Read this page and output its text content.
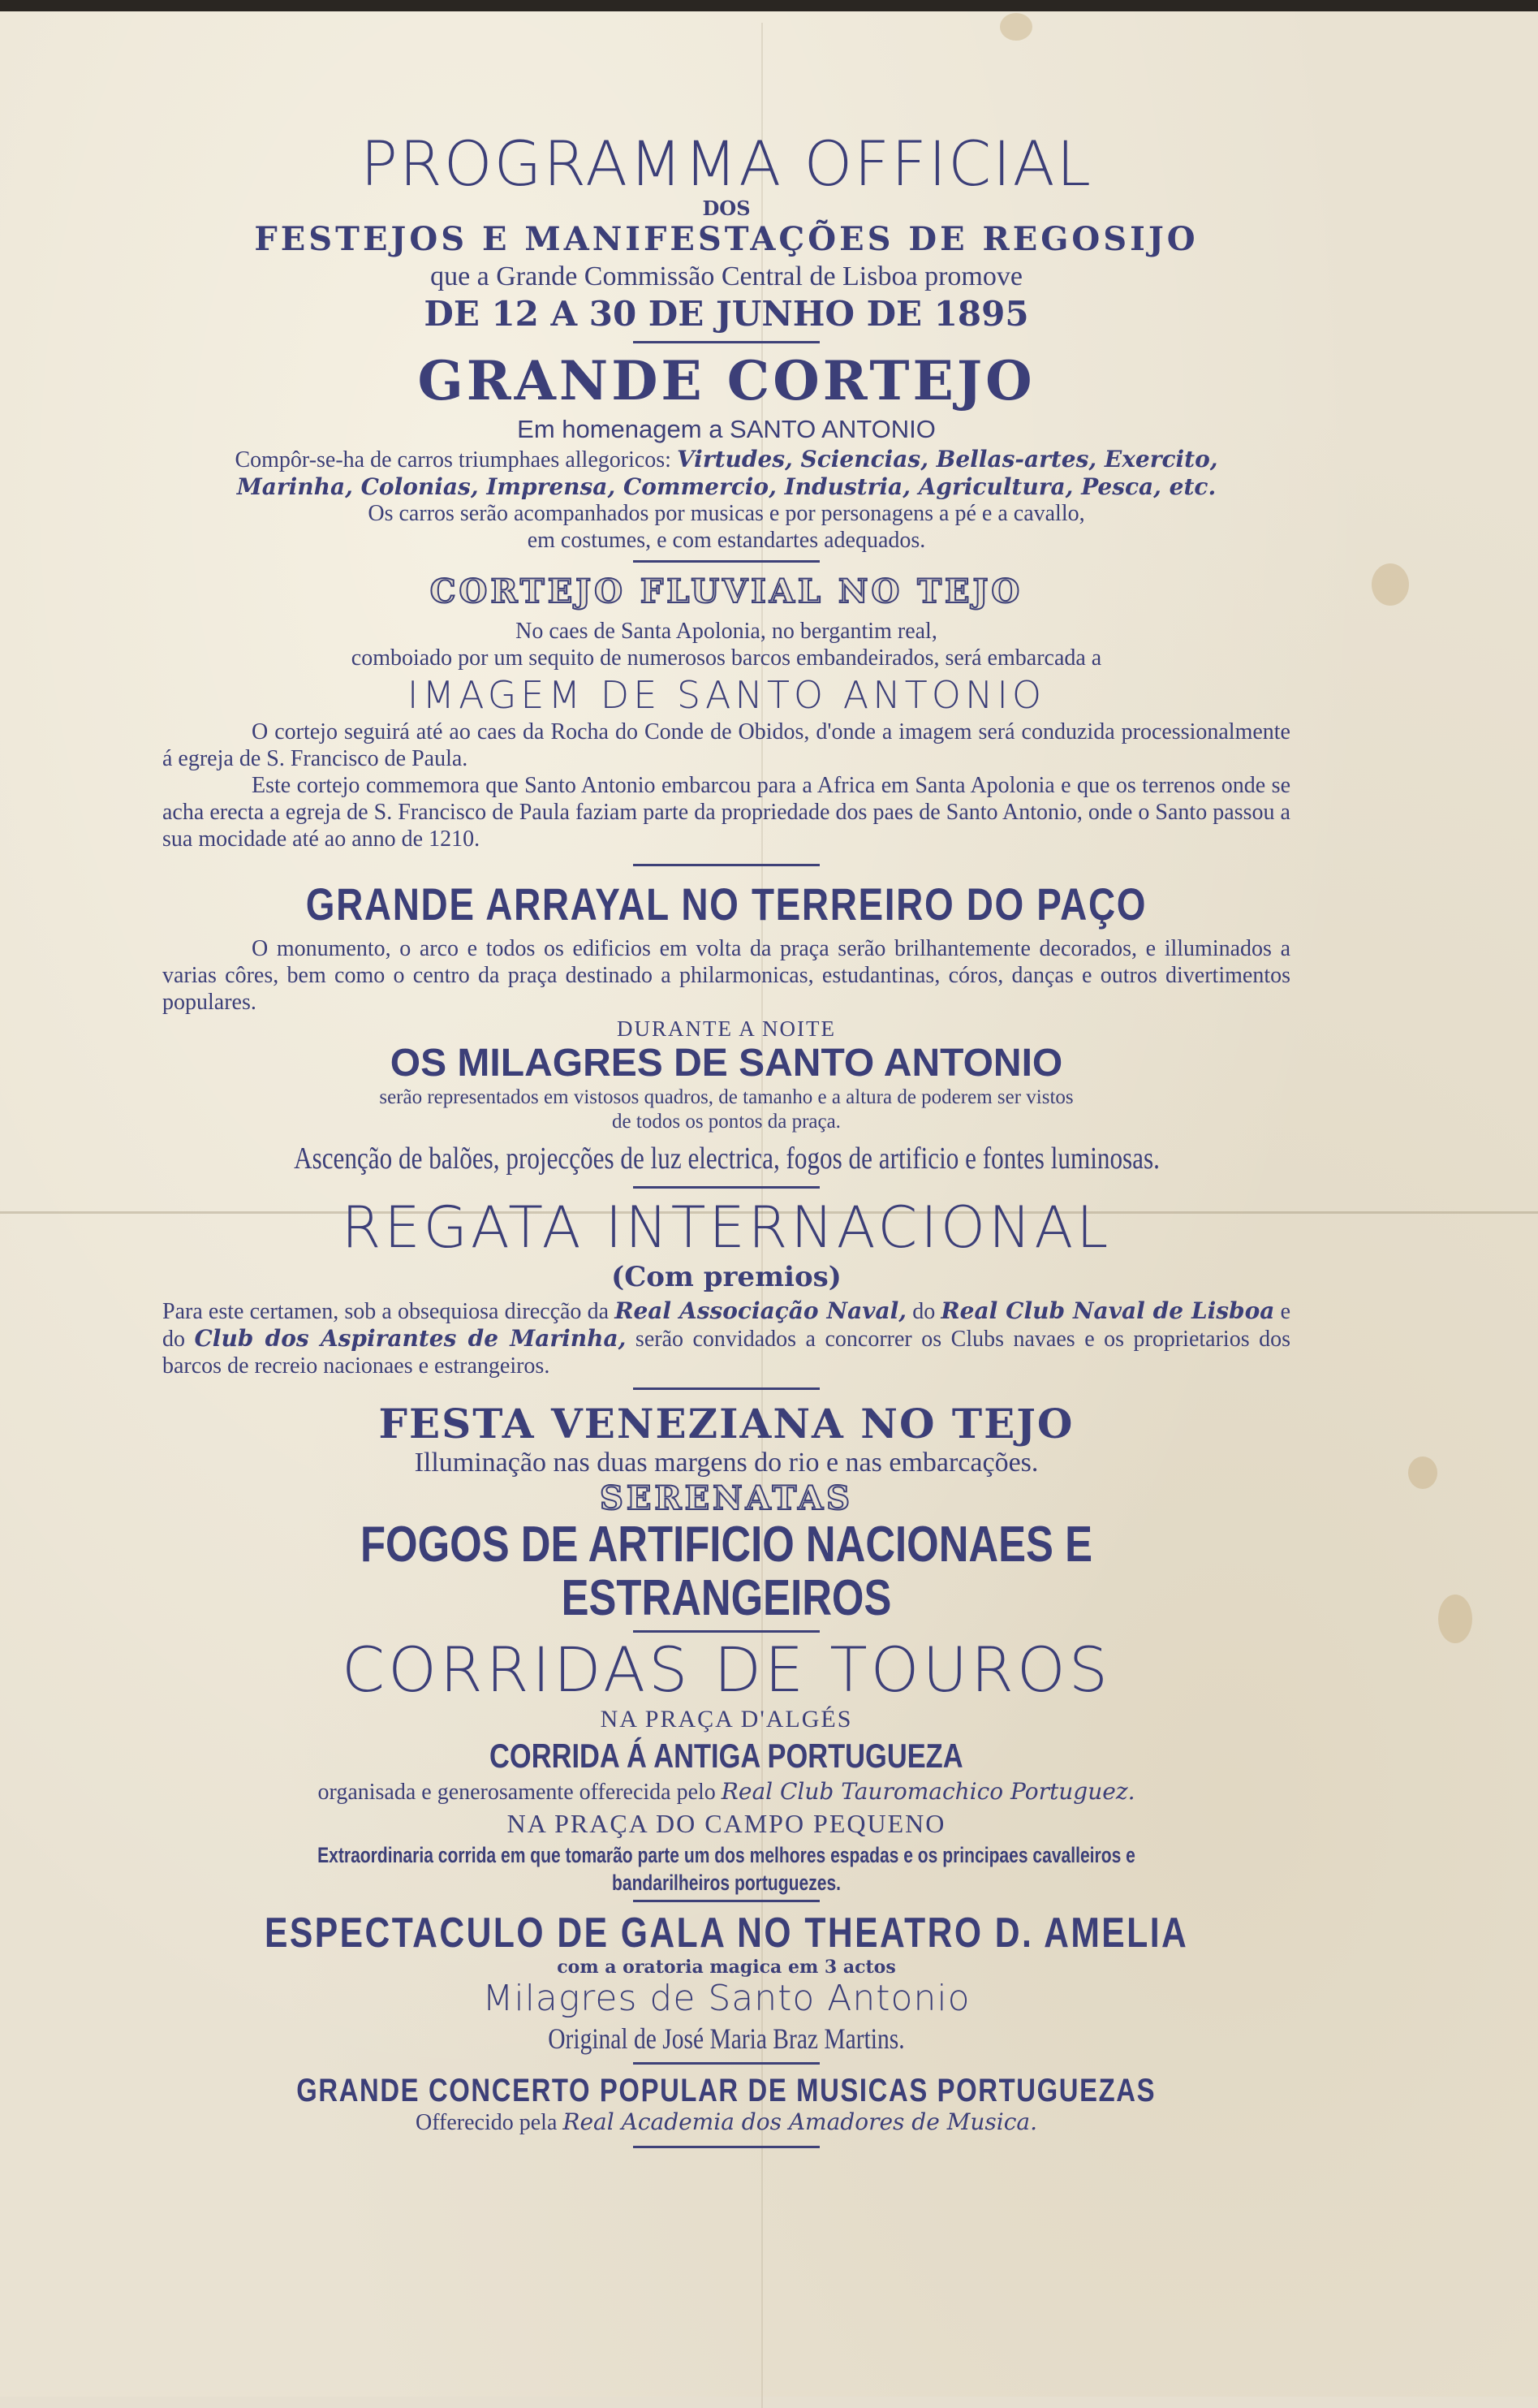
PROGRAMMA OFFICIAL
DOS
FESTEJOS E MANIFESTAÇÕES DE REGOSIJO
que a Grande Commissão Central de Lisboa promove
DE 12 A 30 DE JUNHO DE 1895
GRANDE CORTEJO
Em homenagem a SANTO ANTONIO
Compôr-se-ha de carros triumphaes allegoricos: Virtudes, Sciencias, Bellas-artes, Exercito,
Marinha, Colonias, Imprensa, Commercio, Industria, Agricultura, Pesca, etc.
Os carros serão acompanhados por musicas e por personagens a pé e a cavallo,
em costumes, e com estandartes adequados.
CORTEJO FLUVIAL NO TEJO
No caes de Santa Apolonia, no bergantim real,
comboiado por um sequito de numerosos barcos embandeirados, será embarcada a
IMAGEM DE SANTO ANTONIO
O cortejo seguirá até ao caes da Rocha do Conde de Obidos, d'onde a imagem será conduzida processionalmente á egreja de S. Francisco de Paula.
Este cortejo commemora que Santo Antonio embarcou para a Africa em Santa Apolonia e que os terrenos onde se acha erecta a egreja de S. Francisco de Paula faziam parte da propriedade dos paes de Santo Antonio, onde o Santo passou a sua mocidade até ao anno de 1210.
GRANDE ARRAYAL NO TERREIRO DO PAÇO
O monumento, o arco e todos os edificios em volta da praça serão brilhantemente decorados, e illuminados a varias côres, bem como o centro da praça destinado a philarmonicas, estudantinas, córos, danças e outros divertimentos populares.
DURANTE A NOITE
OS MILAGRES DE SANTO ANTONIO
serão representados em vistosos quadros, de tamanho e a altura de poderem ser vistos
de todos os pontos da praça.
Ascenção de balões, projecções de luz electrica, fogos de artificio e fontes luminosas.
REGATA INTERNACIONAL
(Com premios)
Para este certamen, sob a obsequiosa direcção da Real Associação Naval, do Real Club Naval de Lisboa e do Club dos Aspirantes de Marinha, serão convidados a concorrer os Clubs navaes e os proprietarios dos barcos de recreio nacionaes e estrangeiros.
FESTA VENEZIANA NO TEJO
Illuminação nas duas margens do rio e nas embarcações.
SERENATAS
FOGOS DE ARTIFICIO NACIONAES E ESTRANGEIROS
CORRIDAS DE TOUROS
NA PRAÇA D'ALGÉS
CORRIDA Á ANTIGA PORTUGUEZA
organisada e generosamente offerecida pelo Real Club Tauromachico Portuguez.
NA PRAÇA DO CAMPO PEQUENO
Extraordinaria corrida em que tomarão parte um dos melhores espadas e os principaes cavalleiros e bandarilheiros portuguezes.
ESPECTACULO DE GALA NO THEATRO D. AMELIA
com a oratoria magica em 3 actos
Milagres de Santo Antonio
Original de José Maria Braz Martins.
GRANDE CONCERTO POPULAR DE MUSICAS PORTUGUEZAS
Offerecido pela Real Academia dos Amadores de Musica.
